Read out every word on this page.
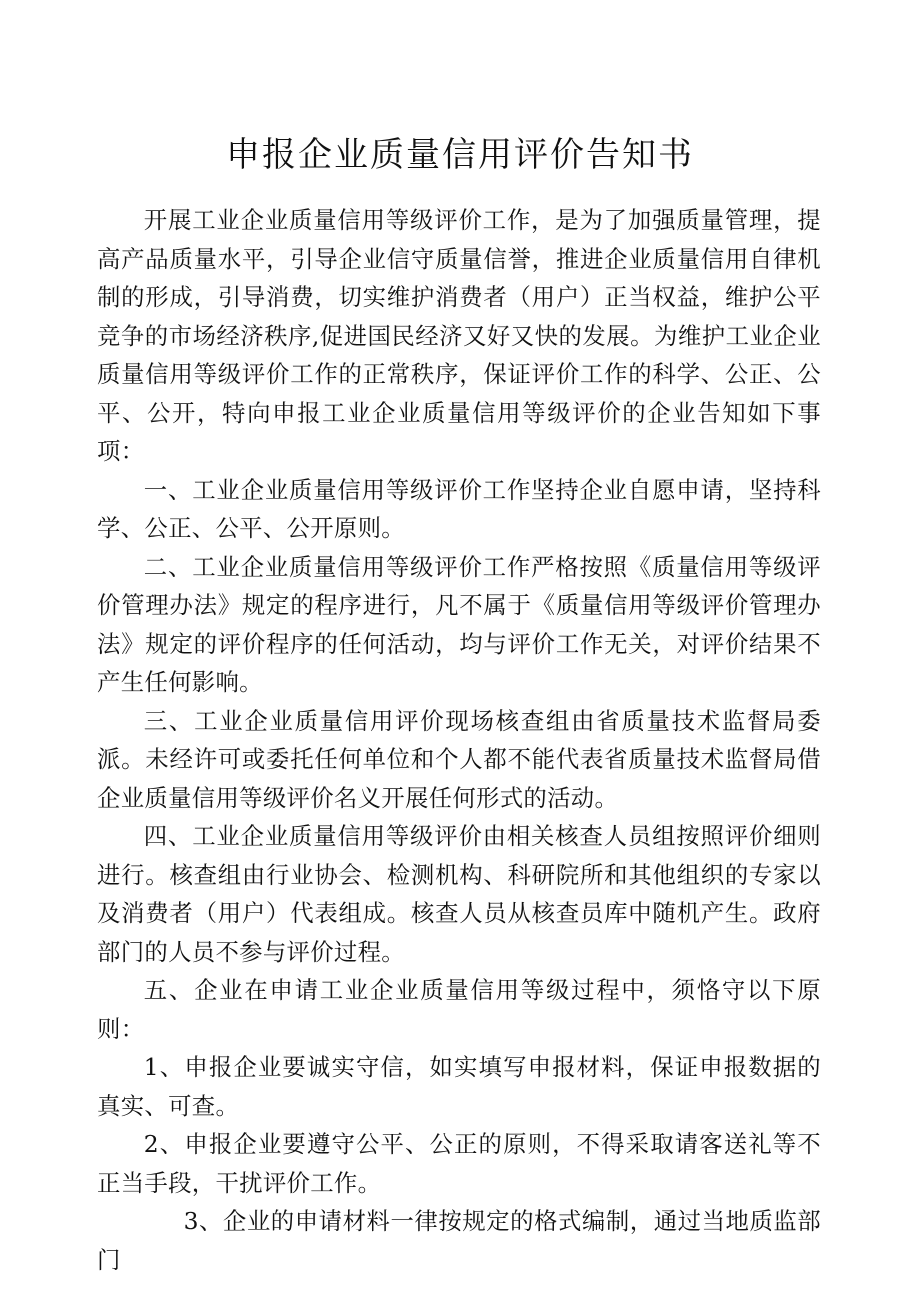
申报企业质量信用评价告知书

开展工业企业质量信用等级评价工作，是为了加强质量管理，提高产品质量水平，引导企业信守质量信誉，推进企业质量信用自律机制的形成，引导消费，切实维护消费者（用户）正当权益，维护公平竞争的市场经济秩序,促进国民经济又好又快的发展。为维护工业企业质量信用等级评价工作的正常秩序，保证评价工作的科学、公正、公平、公开，特向申报工业企业质量信用等级评价的企业告知如下事项：

一、工业企业质量信用等级评价工作坚持企业自愿申请，坚持科学、公正、公平、公开原则。

二、工业企业质量信用等级评价工作严格按照《质量信用等级评价管理办法》规定的程序进行，凡不属于《质量信用等级评价管理办法》规定的评价程序的任何活动，均与评价工作无关，对评价结果不产生任何影响。

三、工业企业质量信用评价现场核查组由省质量技术监督局委派。未经许可或委托任何单位和个人都不能代表省质量技术监督局借企业质量信用等级评价名义开展任何形式的活动。

四、工业企业质量信用等级评价由相关核查人员组按照评价细则进行。核查组由行业协会、检测机构、科研院所和其他组织的专家以及消费者（用户）代表组成。核查人员从核查员库中随机产生。政府部门的人员不参与评价过程。

五、企业在申请工业企业质量信用等级过程中，须恪守以下原则：

1、申报企业要诚实守信，如实填写申报材料，保证申报数据的真实、可查。

2、申报企业要遵守公平、公正的原则，不得采取请客送礼等不正当手段，干扰评价工作。

3、企业的申请材料一律按规定的格式编制，通过当地质监部门
